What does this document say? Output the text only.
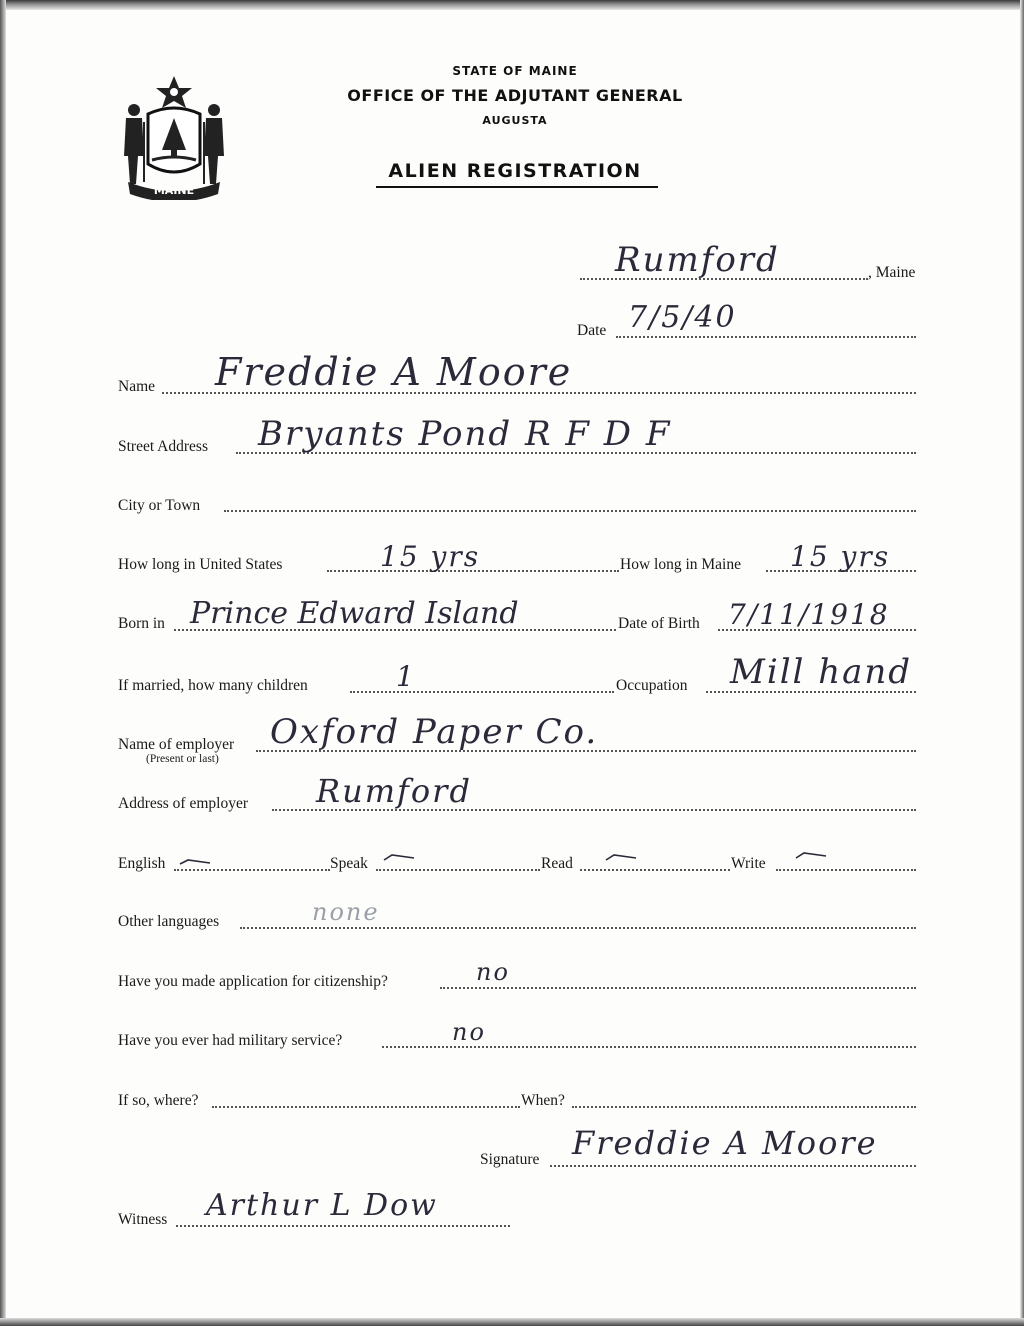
MAINE
STATE OF MAINE
OFFICE OF THE ADJUTANT GENERAL
AUGUSTA
ALIEN REGISTRATION
Rumford	, Maine
Date 7/5/40
Name Freddie A Moore
Street Address Bryants Pond R F D F
City or Town
How long in United States	15 yrs	How long in Maine 15 yrs
Born in Prince Edward Island	Date of Birth 7/11/1918
If married, how many children	1	Occupation Mill hand
Name of employer
(Present or last)
Oxford Paper Co.
Address of employer Rumford
English	Speak	Read	Write
Other languages	none
Have you made application for citizenship?	no
Have you ever had military service?	no
If so, where?	When?
Signature Freddie A Moore
Witness Arthur L Dow
